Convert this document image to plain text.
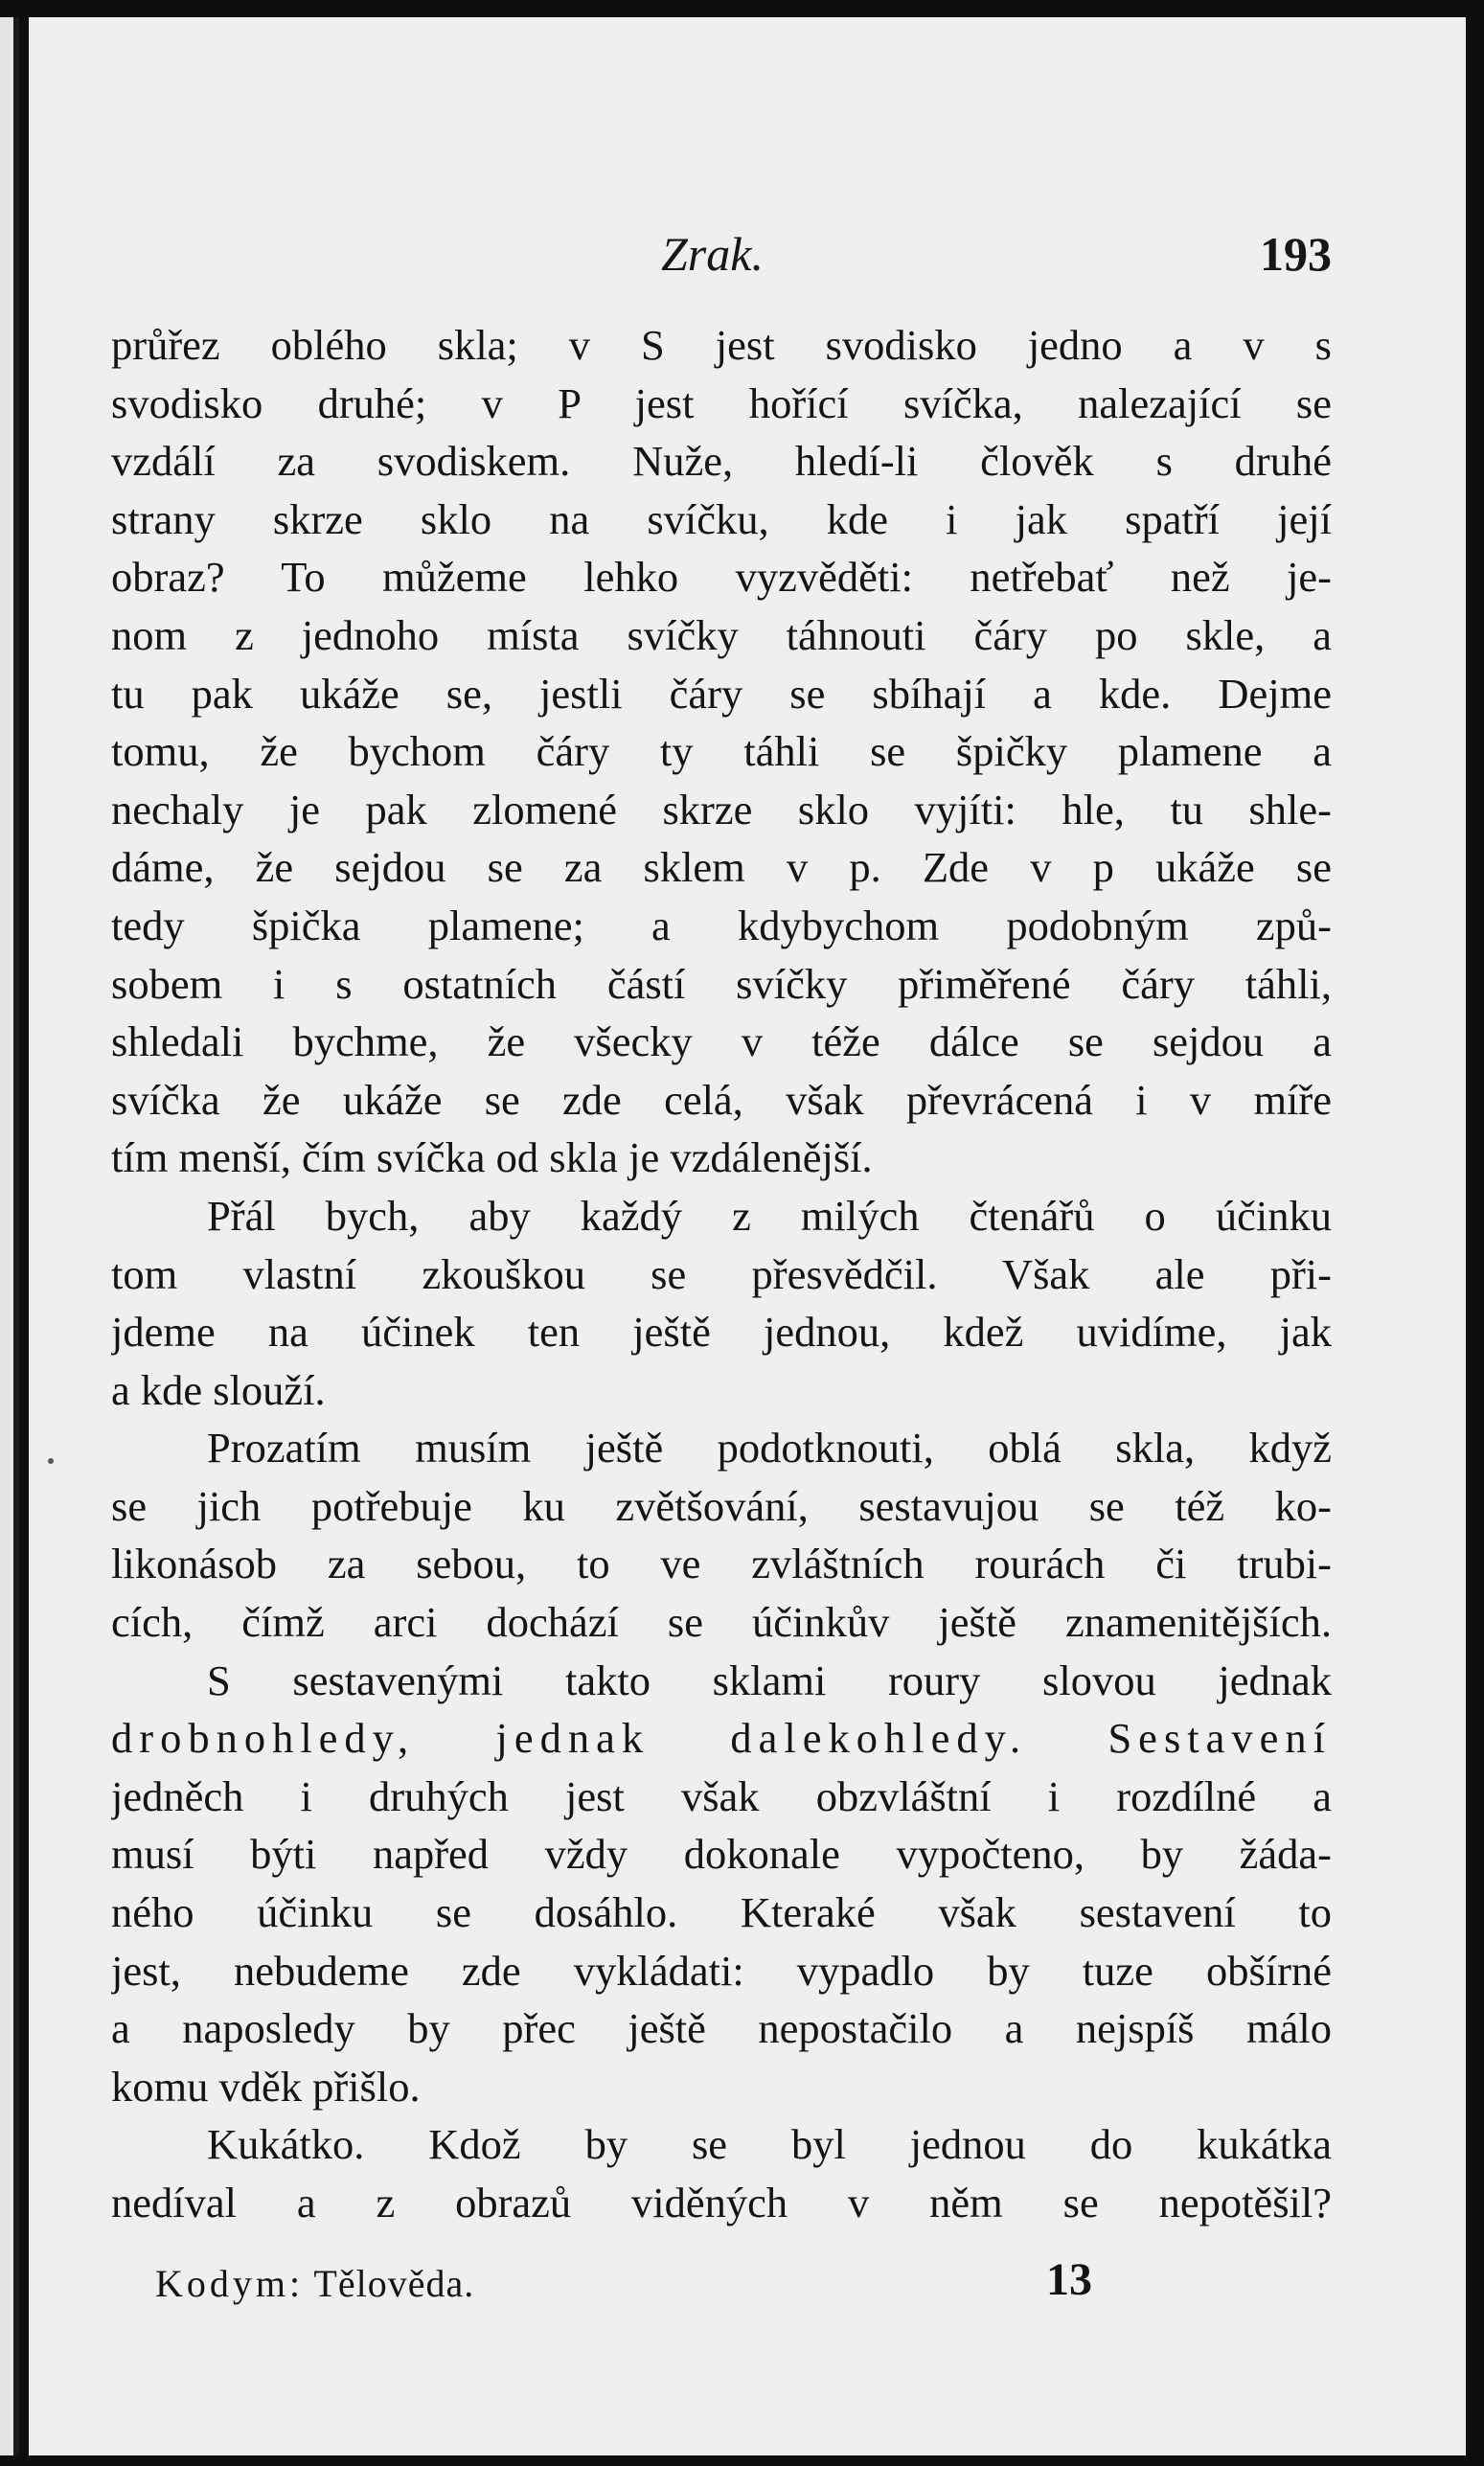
Zrak.	193
průřez oblého skla; v S jest svodisko jedno a v s
svodisko druhé; v P jest hořící svíčka, nalezající se
vzdálí za svodiskem. Nuže, hledí-li člověk s druhé
strany skrze sklo na svíčku, kde i jak spatří její
obraz? To můžeme lehko vyzvěděti: netřebať než je-
nom z jednoho místa svíčky táhnouti čáry po skle, a
tu pak ukáže se, jestli čáry se sbíhají a kde. Dejme
tomu, že bychom čáry ty táhli se špičky plamene a
nechaly je pak zlomené skrze sklo vyjíti: hle, tu shle-
dáme, že sejdou se za sklem v p. Zde v p ukáže se
tedy špička plamene; a kdybychom podobným způ-
sobem i s ostatních částí svíčky přiměřené čáry táhli,
shledali bychme, že všecky v téže dálce se sejdou a
svíčka že ukáže se zde celá, však převrácená i v míře
tím menší, čím svíčka od skla je vzdálenější.
Přál bych, aby každý z milých čtenářů o účinku
tom vlastní zkouškou se přesvědčil. Však ale při-
jdeme na účinek ten ještě jednou, kdež uvidíme, jak
a kde slouží.
Prozatím musím ještě podotknouti, oblá skla, když
se jich potřebuje ku zvětšování, sestavujou se též ko-
likonásob za sebou, to ve zvláštních rourách či trubi-
cích, čímž arci dochází se účinkův ještě znamenitějších.
S sestavenými takto sklami roury slovou jednak
drobnohledy, jednak dalekohledy. Sestavení
jedněch i druhých jest však obzvláštní i rozdílné a
musí býti napřed vždy dokonale vypočteno, by žáda-
ného účinku se dosáhlo. Kteraké však sestavení to
jest, nebudeme zde vykládati: vypadlo by tuze obšírné
a naposledy by přec ještě nepostačilo a nejspíš málo
komu vděk přišlo.
Kukátko. Kdož by se byl jednou do kukátka
nedíval a z obrazů viděných v něm se nepotěšil?
Kodym: Tělověda.	13
